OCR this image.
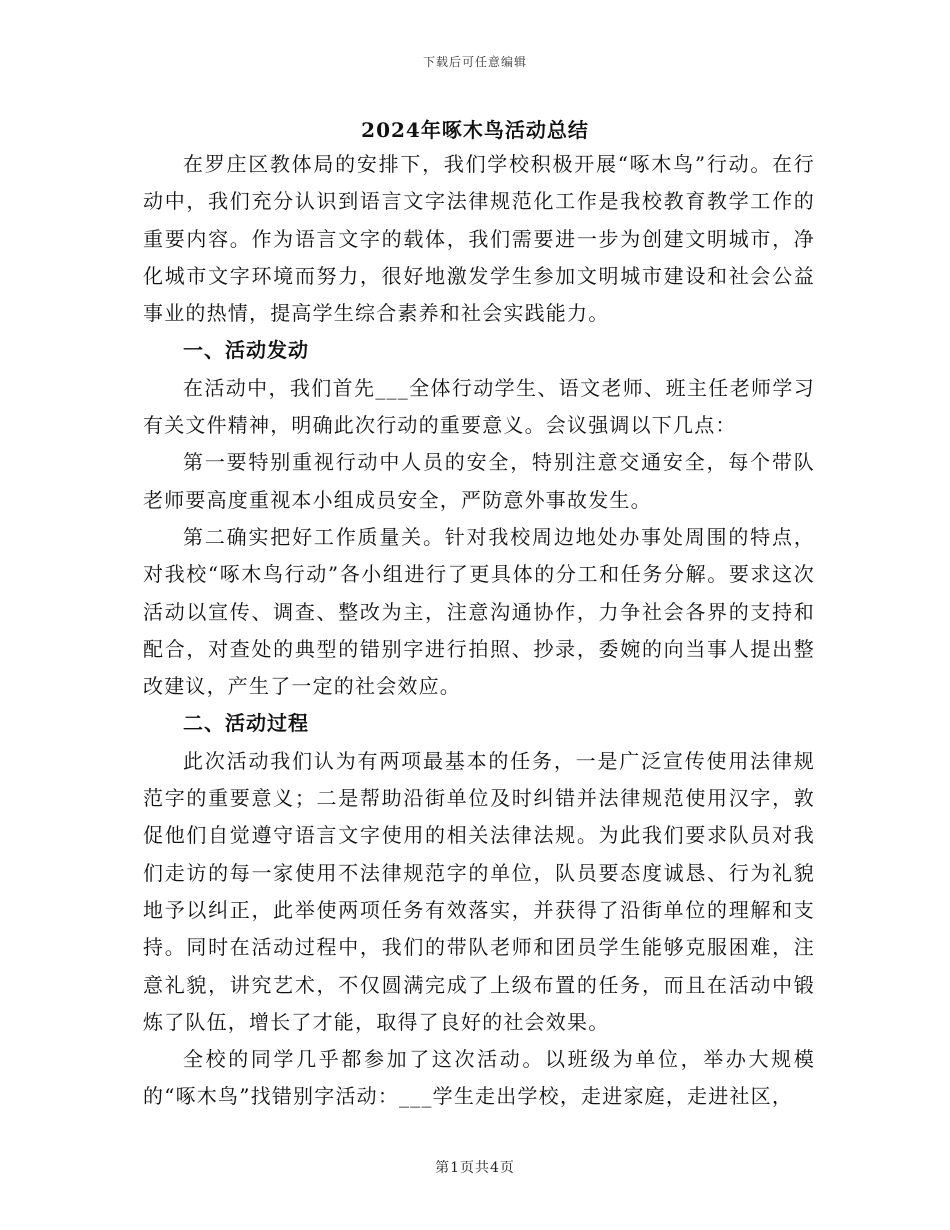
下载后可任意编辑
2024年啄木鸟活动总结

在罗庄区教体局的安排下，我们学校积极开展“啄木鸟”行动。在行动中，我们充分认识到语言文字法律规范化工作是我校教育教学工作的重要内容。作为语言文字的载体，我们需要进一步为创建文明城市，净化城市文字环境而努力，很好地激发学生参加文明城市建设和社会公益事业的热情，提高学生综合素养和社会实践能力。

一、活动发动

在活动中，我们首先___全体行动学生、语文老师、班主任老师学习有关文件精神，明确此次行动的重要意义。会议强调以下几点：

第一要特别重视行动中人员的安全，特别注意交通安全，每个带队老师要高度重视本小组成员安全，严防意外事故发生。

第二确实把好工作质量关。针对我校周边地处办事处周围的特点，对我校“啄木鸟行动”各小组进行了更具体的分工和任务分解。要求这次活动以宣传、调查、整改为主，注意沟通协作，力争社会各界的支持和配合，对查处的典型的错别字进行拍照、抄录，委婉的向当事人提出整改建议，产生了一定的社会效应。

二、活动过程

此次活动我们认为有两项最基本的任务，一是广泛宣传使用法律规范字的重要意义；二是帮助沿街单位及时纠错并法律规范使用汉字，敦促他们自觉遵守语言文字使用的相关法律法规。为此我们要求队员对我们走访的每一家使用不法律规范字的单位，队员要态度诚恳、行为礼貌地予以纠正，此举使两项任务有效落实，并获得了沿街单位的理解和支持。同时在活动过程中，我们的带队老师和团员学生能够克服困难，注意礼貌，讲究艺术，不仅圆满完成了上级布置的任务，而且在活动中锻炼了队伍，增长了才能，取得了良好的社会效果。

全校的同学几乎都参加了这次活动。以班级为单位，举办大规模的“啄木鸟”找错别字活动：___学生走出学校，走进家庭，走进社区，

第1页共4页
